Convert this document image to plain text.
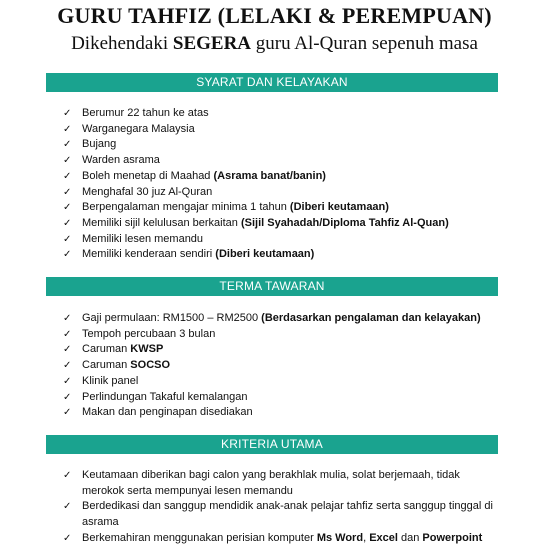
GURU TAHFIZ (LELAKI & PEREMPUAN)
Dikehendaki SEGERA guru Al-Quran sepenuh masa
SYARAT DAN KELAYAKAN
✓ Berumur 22 tahun ke atas
✓ Warganegara Malaysia
✓ Bujang
✓ Warden asrama
✓ Boleh menetap di Maahad (Asrama banat/banin)
✓ Menghafal 30 juz Al-Quran
✓ Berpengalaman mengajar minima 1 tahun (Diberi keutamaan)
✓ Memiliki sijil kelulusan berkaitan (Sijil Syahadah/Diploma Tahfiz Al-Quan)
✓ Memiliki lesen memandu
✓ Memiliki kenderaan sendiri (Diberi keutamaan)
TERMA TAWARAN
✓ Gaji permulaan: RM1500 – RM2500 (Berdasarkan pengalaman dan kelayakan)
✓ Tempoh percubaan 3 bulan
✓ Caruman KWSP
✓ Caruman SOCSO
✓ Klinik panel
✓ Perlindungan Takaful kemalangan
✓ Makan dan penginapan disediakan
KRITERIA UTAMA
✓ Keutamaan diberikan bagi calon yang berakhlak mulia, solat berjemaah, tidak merokok serta mempunyai lesen memandu
✓ Berdedikasi dan sanggup mendidik anak-anak pelajar tahfiz serta sanggup tinggal di asrama
✓ Berkemahiran menggunakan perisian komputer Ms Word, Excel dan Powerpoint
